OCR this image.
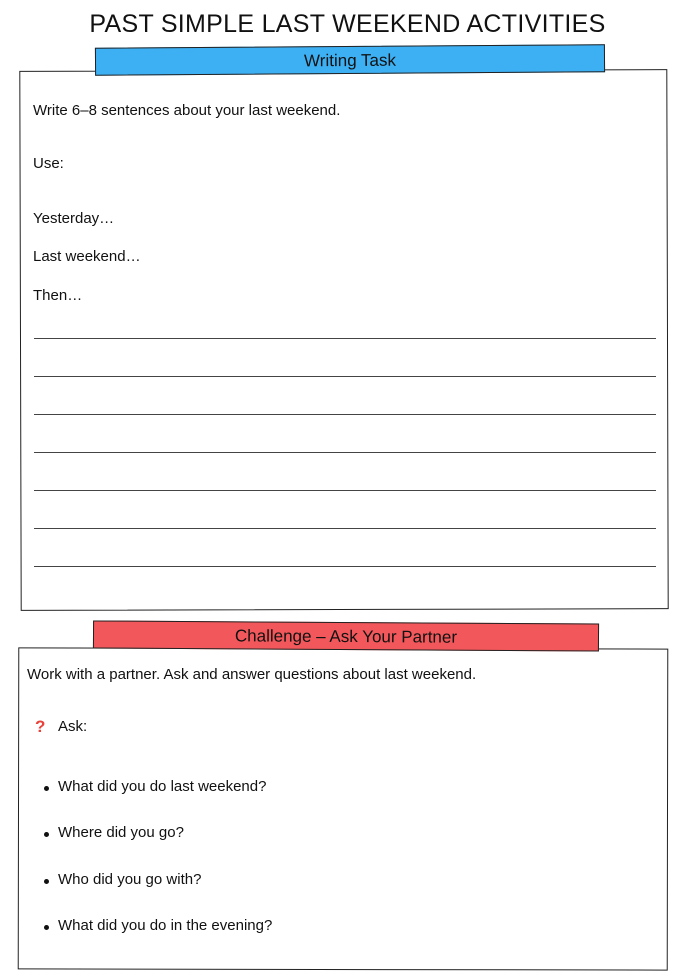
PAST SIMPLE LAST WEEKEND ACTIVITIES
Writing Task
Write 6–8 sentences about your last weekend.
Use:
Yesterday…
Last weekend…
Then…
Challenge – Ask Your Partner
Work with a partner. Ask and answer questions about last weekend.
? Ask:
What did you do last weekend?
Where did you go?
Who did you go with?
What did you do in the evening?
